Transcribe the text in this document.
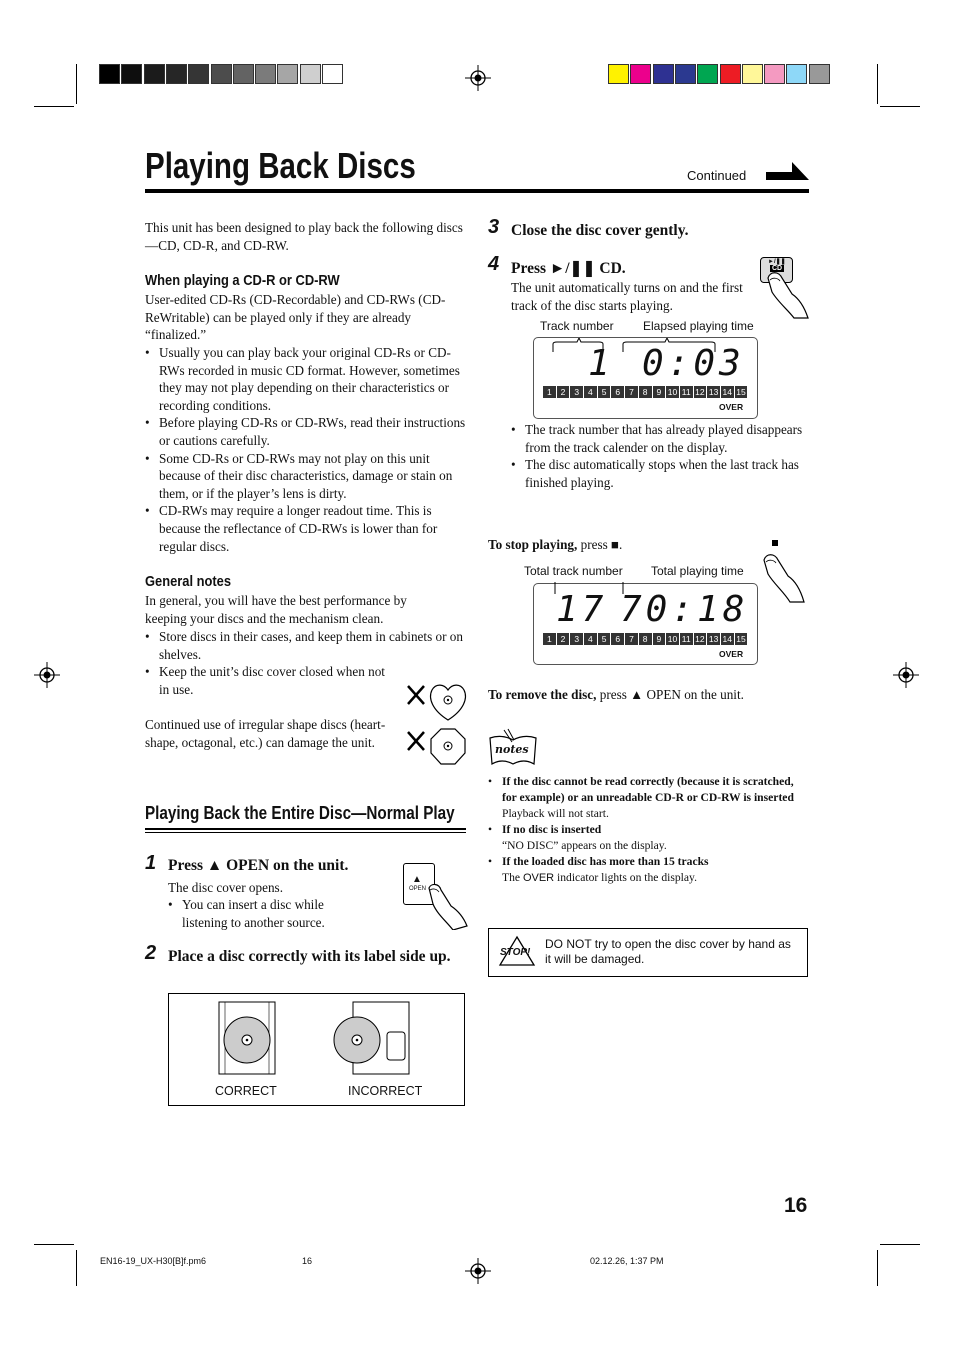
Playing Back Discs	Continued
This unit has been designed to play back the following discs—CD, CD-R, and CD-RW.
When playing a CD-R or CD-RW
User-edited CD-Rs (CD-Recordable) and CD-RWs (CD-ReWritable) can be played only if they are already “finalized.”
• Usually you can play back your original CD-Rs or CD-RWs recorded in music CD format. However, sometimes they may not play depending on their characteristics or recording conditions.
• Before playing CD-Rs or CD-RWs, read their instructions or cautions carefully.
• Some CD-Rs or CD-RWs may not play on this unit because of their disc characteristics, damage or stain on them, or if the player’s lens is dirty.
• CD-RWs may require a longer readout time. This is because the reflectance of CD-RWs is lower than for regular discs.
General notes
In general, you will have the best performance by keeping your discs and the mechanism clean.
• Store discs in their cases, and keep them in cabinets or on shelves.
• Keep the unit’s disc cover closed when not in use.
Continued use of irregular shape discs (heart-shape, octagonal, etc.) can damage the unit.
Playing Back the Entire Disc—Normal Play
1 Press ▲ OPEN on the unit.
The disc cover opens.
• You can insert a disc while listening to another source.
▲
OPEN
2 Place a disc correctly with its label side up.
CORRECT	INCORRECT
3 Close the disc cover gently.
4 Press ►/❚❚ CD.
The unit automatically turns on and the first track of the disc starts playing.
►/❚❚
CD
Track number Elapsed playing time
1 0:03
1	2	3	4	5	6	7	8	9 10 11 12 13 14 15
OVER
• The track number that has already played disappears from the track calender on the display.
• The disc automatically stops when the last track has finished playing.
To stop playing, press ■.
Total track number Total playing time
17 70:18
1	2	3	4	5	6	7	8	9 10 11 12 13 14 15
OVER
To remove the disc, press ▲ OPEN on the unit.
notes
• If the disc cannot be read correctly (because it is scratched, for example) or an unreadable CD-R or CD-RW is inserted
Playback will not start.
• If no disc is inserted
“NO DISC” appears on the display.
• If the loaded disc has more than 15 tracks
The OVER indicator lights on the display.
STOP!
DO NOT try to open the disc cover by hand as it will be damaged.
16
EN16-19_UX-H30[B]f.pm6	16	02.12.26, 1:37 PM
